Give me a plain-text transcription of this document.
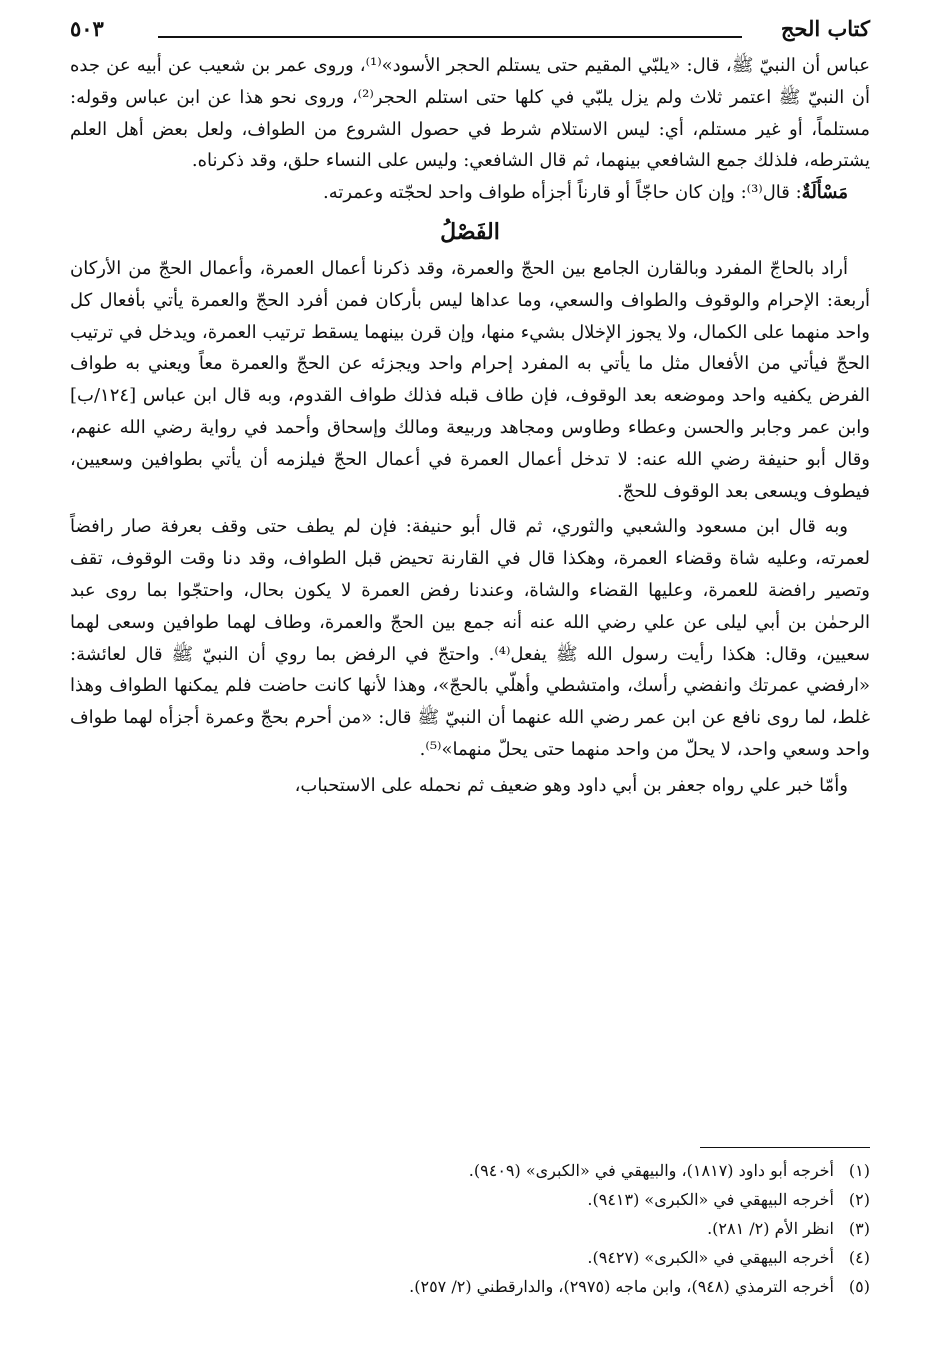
كتاب الحج
٥٠٣

عباس أن النبيّ ﷺ، قال: «يلبّي المقيم حتى يستلم الحجر الأسود»⁽¹⁾، وروى عمر بن شعيب عن أبيه عن جده أن النبيّ ﷺ اعتمر ثلاث ولم يزل يلبّي في كلها حتى استلم الحجر⁽²⁾، وروى نحو هذا عن ابن عباس وقوله: مستلماً، أو غير مستلم، أي: ليس الاستلام شرط في حصول الشروع من الطواف، ولعل بعض أهل العلم يشترطه، فلذلك جمع الشافعي بينهما، ثم قال الشافعي: وليس على النساء حلق، وقد ذكرناه.

مَسْأَلَةٌ: قال⁽³⁾: وإن كان حاجّاً أو قارناً أجزأه طواف واحد لحجّته وعمرته.

الفَصْلُ

أراد بالحاجّ المفرد وبالقارن الجامع بين الحجّ والعمرة، وقد ذكرنا أعمال العمرة، وأعمال الحجّ من الأركان أربعة: الإحرام والوقوف والطواف والسعي، وما عداها ليس بأركان فمن أفرد الحجّ والعمرة يأتي بأفعال كل واحد منهما على الكمال، ولا يجوز الإخلال بشيء منها، وإن قرن بينهما يسقط ترتيب العمرة، ويدخل في ترتيب الحجّ فيأتي من الأفعال مثل ما يأتي به المفرد إحرام واحد ويجزئه عن الحجّ والعمرة معاً ويعني به طواف الفرض يكفيه واحد وموضعه بعد الوقوف، فإن طاف قبله فذلك طواف القدوم، وبه قال ابن عباس [١٢٤/ب] وابن عمر وجابر والحسن وعطاء وطاوس ومجاهد وربيعة ومالك وإسحاق وأحمد في رواية رضي الله عنهم، وقال أبو حنيفة رضي الله عنه: لا تدخل أعمال العمرة في أعمال الحجّ فيلزمه أن يأتي بطوافين وسعيين، فيطوف ويسعى بعد الوقوف للحجّ.

وبه قال ابن مسعود والشعبي والثوري، ثم قال أبو حنيفة: فإن لم يطف حتى وقف بعرفة صار رافضاً لعمرته، وعليه شاة وقضاء العمرة، وهكذا قال في القارنة تحيض قبل الطواف، وقد دنا وقت الوقوف، تقف وتصير رافضة للعمرة، وعليها القضاء والشاة، وعندنا رفض العمرة لا يكون بحال، واحتجّوا بما روى عبد الرحمٰن بن أبي ليلى عن علي رضي الله عنه أنه جمع بين الحجّ والعمرة، وطاف لهما طوافين وسعى لهما سعيين، وقال: هكذا رأيت رسول الله ﷺ يفعل⁽⁴⁾. واحتجّ في الرفض بما روي أن النبيّ ﷺ قال لعائشة: «ارفضي عمرتك وانفضي رأسك، وامتشطي وأهلّي بالحجّ»، وهذا لأنها كانت حاضت فلم يمكنها الطواف وهذا غلط، لما روى نافع عن ابن عمر رضي الله عنهما أن النبيّ ﷺ قال: «من أحرم بحجّ وعمرة أجزأه لهما طواف واحد وسعي واحد، لا يحلّ من واحد منهما حتى يحلّ منهما»⁽⁵⁾.

وأمّا خبر علي رواه جعفر بن أبي داود وهو ضعيف ثم نحمله على الاستحباب،

(١)
أخرجه أبو داود (١٨١٧)، والبيهقي في «الكبرى» (٩٤٠٩).
(٢)
أخرجه البيهقي في «الكبرى» (٩٤١٣).
(٣)
انظر الأم (٢/ ٢٨١).
(٤)
أخرجه البيهقي في «الكبرى» (٩٤٢٧).
(٥)
أخرجه الترمذي (٩٤٨)، وابن ماجه (٢٩٧٥)، والدارقطني (٢/ ٢٥٧).
